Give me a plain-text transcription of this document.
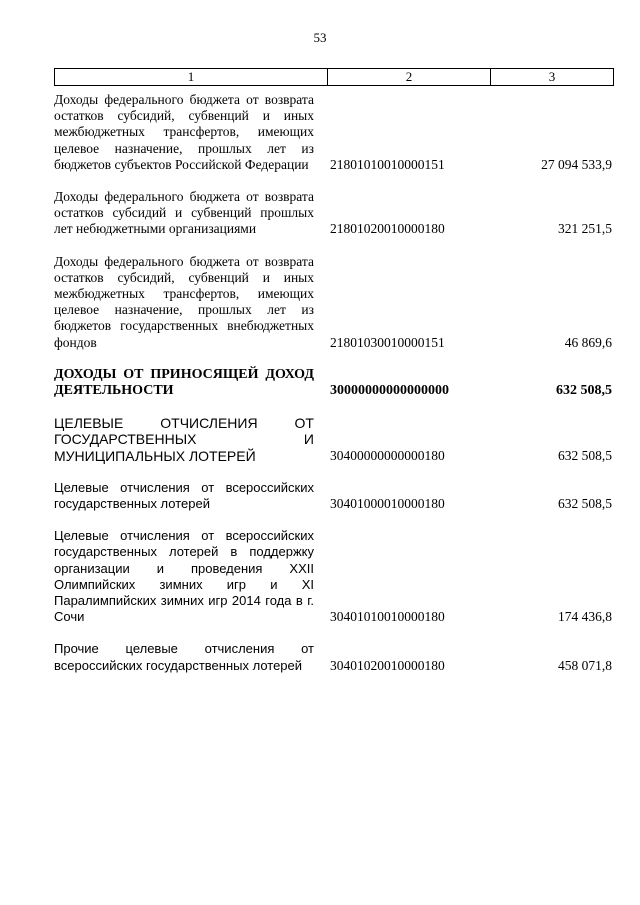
53
1	2	3
Доходы федерального бюджета от возврата остатков субсидий, субвенций и иных межбюджетных трансфертов, имеющих целевое назначение, прошлых лет из бюджетов субъектов Российской Федерации	21801010010000151	27 094 533,9
Доходы федерального бюджета от возврата остатков субсидий и субвенций прошлых лет небюджетными организациями	21801020010000180	321 251,5
Доходы федерального бюджета от возврата остатков субсидий, субвенций и иных межбюджетных трансфертов, имеющих целевое назначение, прошлых лет из бюджетов государственных внебюджетных фондов	21801030010000151	46 869,6
ДОХОДЫ ОТ ПРИНОСЯЩЕЙ ДОХОД ДЕЯТЕЛЬНОСТИ	30000000000000000	632 508,5
ЦЕЛЕВЫЕ ОТЧИСЛЕНИЯ ОТ ГОСУДАРСТВЕННЫХ И МУНИЦИПАЛЬНЫХ ЛОТЕРЕЙ	30400000000000180	632 508,5
Целевые отчисления от всероссийских государственных лотерей	30401000010000180	632 508,5
Целевые отчисления от всероссийских государственных лотерей в поддержку организации и проведения XXII Олимпийских зимних игр и XI Паралимпийских зимних игр 2014 года в г. Сочи	30401010010000180	174 436,8
Прочие целевые отчисления от всероссийских государственных лотерей	30401020010000180	458 071,8
